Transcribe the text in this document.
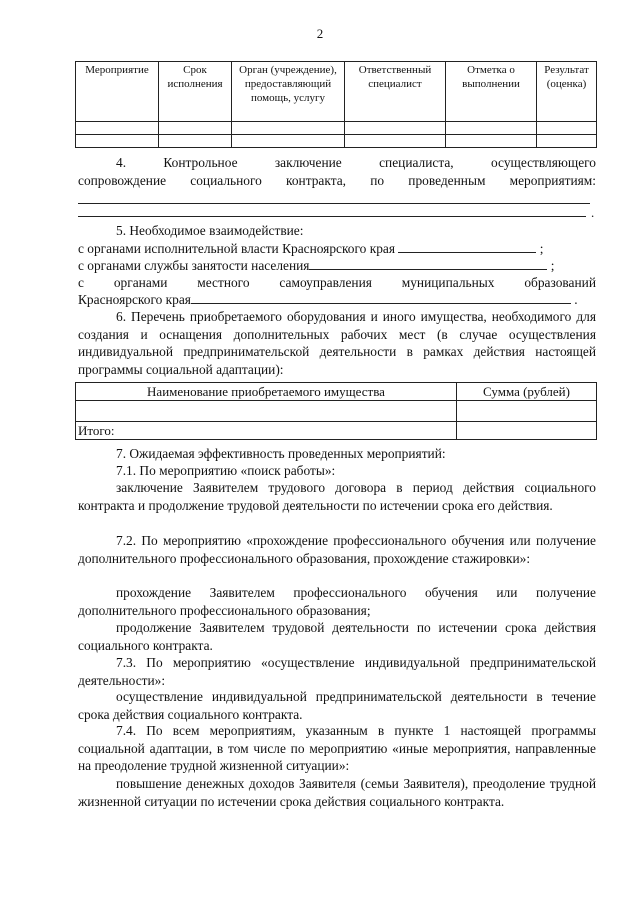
2
Мероприятие	Срок исполнения	Орган (учреждение), предоставляющий помощь, услугу	Ответственный специалист	Отметка о выполнении	Результат (оценка)

4. Контрольное заключение специалиста, осуществляющего

сопровождение социального контракта, по проведенным мероприятиям:

.

5. Необходимое взаимодействие:

с органами исполнительной власти Красноярского края	;

с органами службы занятости населения	;

с органами местного самоуправления муниципальных образований

Красноярского края	.

6. Перечень приобретаемого оборудования и иного имущества, необходимого для создания и оснащения дополнительных рабочих мест (в случае осуществления индивидуальной предпринимательской деятельности в рамках действия настоящей программы социальной адаптации):

Наименование приобретаемого имущества	Сумма (рублей)

Итого:	

7. Ожидаемая эффективность проведенных мероприятий:

7.1. По мероприятию «поиск работы»:

заключение Заявителем трудового договора в период действия социального контракта и продолжение трудовой деятельности по истечении срока его действия.

7.2. По мероприятию «прохождение профессионального обучения или получение дополнительного профессионального образования, прохождение стажировки»:

прохождение Заявителем профессионального обучения или получение дополнительного профессионального образования;

продолжение Заявителем трудовой деятельности по истечении срока действия социального контракта.

7.3. По мероприятию «осуществление индивидуальной предпринимательской деятельности»:

осуществление индивидуальной предпринимательской деятельности в течение срока действия социального контракта.

7.4. По всем мероприятиям, указанным в пункте 1 настоящей программы социальной адаптации, в том числе по мероприятию «иные мероприятия, направленные на преодоление трудной жизненной ситуации»:

повышение денежных доходов Заявителя (семьи Заявителя), преодоление трудной жизненной ситуации по истечении срока действия социального контракта.
